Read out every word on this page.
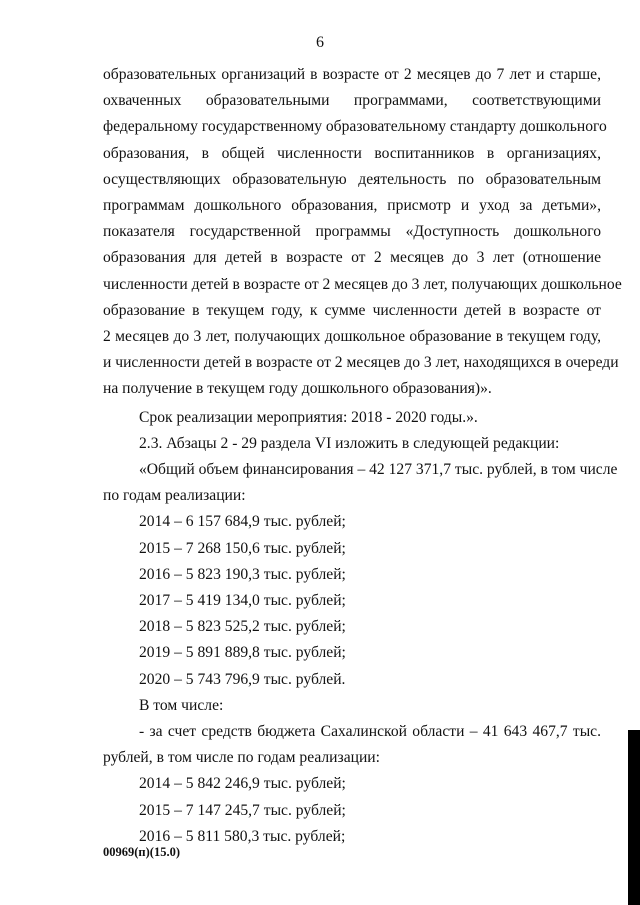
6
образовательных организаций в возрасте от 2 месяцев до 7 лет и старше,
охваченных образовательными программами, соответствующими
федеральному государственному образовательному стандарту дошкольного
образования, в общей численности воспитанников в организациях,
осуществляющих образовательную деятельность по образовательным
программам дошкольного образования, присмотр и уход за детьми»,
показателя государственной программы «Доступность дошкольного
образования для детей в возрасте от 2 месяцев до 3 лет (отношение
численности детей в возрасте от 2 месяцев до 3 лет, получающих дошкольное
образование в текущем году, к сумме численности детей в возрасте от
2 месяцев до 3 лет, получающих дошкольное образование в текущем году,
и численности детей в возрасте от 2 месяцев до 3 лет, находящихся в очереди
на получение в текущем году дошкольного образования)».
Срок реализации мероприятия: 2018 - 2020 годы.».
2.3. Абзацы 2 - 29 раздела VI изложить в следующей редакции:
«Общий объем финансирования – 42 127 371,7 тыс. рублей, в том числе
по годам реализации:
2014 – 6 157 684,9 тыс. рублей;
2015 – 7 268 150,6 тыс. рублей;
2016 – 5 823 190,3 тыс. рублей;
2017 – 5 419 134,0 тыс. рублей;
2018 – 5 823 525,2 тыс. рублей;
2019 – 5 891 889,8 тыс. рублей;
2020 – 5 743 796,9 тыс. рублей.
В том числе:
- за счет средств бюджета Сахалинской области – 41 643 467,7 тыс.
рублей, в том числе по годам реализации:
2014 – 5 842 246,9 тыс. рублей;
2015 – 7 147 245,7 тыс. рублей;
2016 – 5 811 580,3 тыс. рублей;
00969(п)(15.0)
